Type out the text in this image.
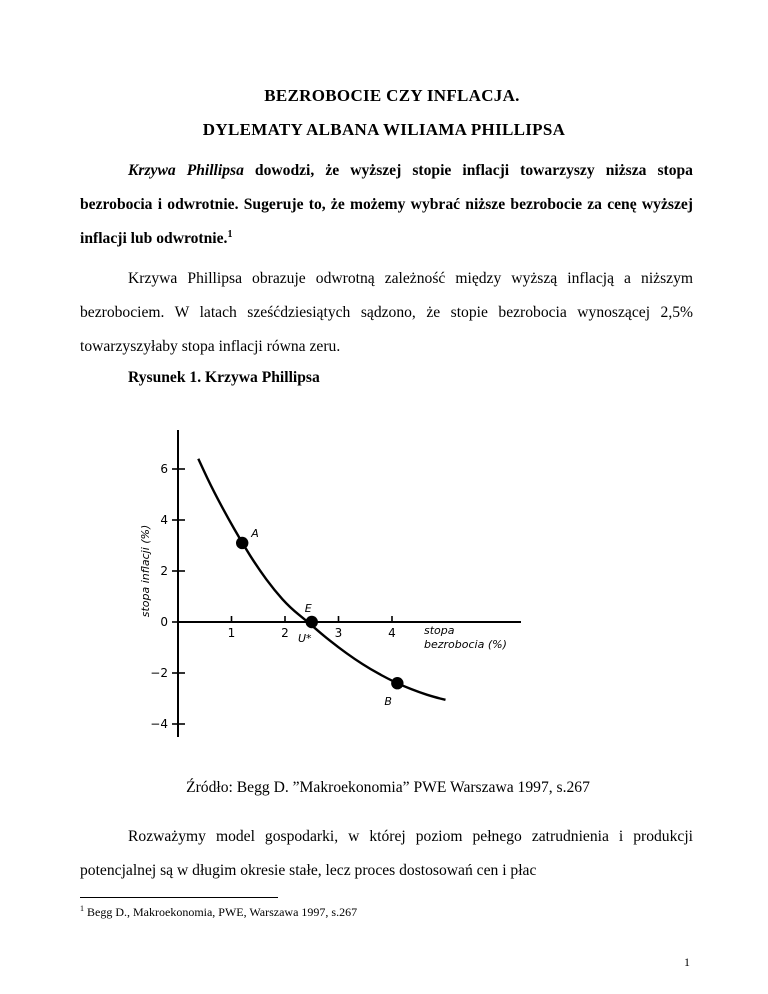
BEZROBOCIE CZY INFLACJA.
DYLEMATY ALBANA WILIAMA PHILLIPSA

Krzywa Phillipsa dowodzi, że wyższej stopie inflacji towarzyszy niższa stopa bezrobocia i odwrotnie. Sugeruje to, że możemy wybrać niższe bezrobocie za cenę wyższej inflacji lub odwrotnie.$^1$

Krzywa Phillipsa obrazuje odwrotną zależność między wyższą inflacją a niższym bezrobociem. W latach sześćdziesiątych sądzono, że stopie bezrobocia wynoszącej 2,5% towarzyszyłaby stopa inflacji równa zeru.

Rysunek 1. Krzywa Phillipsa
6
4
2
0
−2
−4
1	2	3	4
A
E
B
U*
stopa
bezrobocia (%)
stopa inflacji (%)
Źródło: Begg D. ”Makroekonomia” PWE Warszawa 1997, s.267

Rozważymy model gospodarki, w której poziom pełnego zatrudnienia i produkcji potencjalnej są w długim okresie stałe, lecz proces dostosowań cen i płac

$^1$ Begg D., Makroekonomia, PWE, Warszawa 1997, s.267
1
